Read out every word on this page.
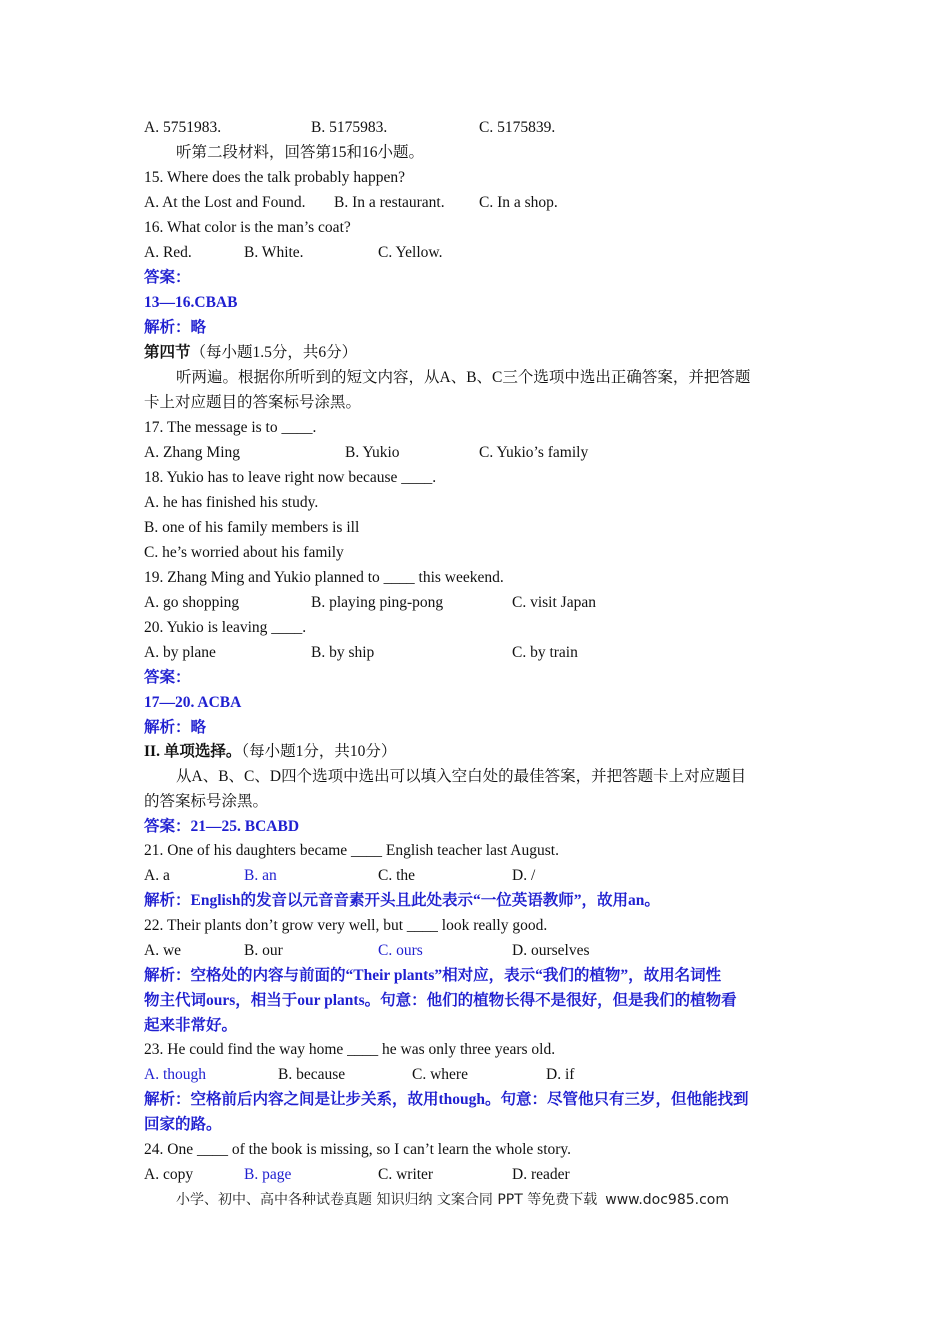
A. 5751983.	B. 5175983.	C. 5175839.
听第二段材料，回答第15和16小题。
15. Where does the talk probably happen?
A. At the Lost and Found. B. In a restaurant. C. In a shop.
16. What color is the man’s coat?
A. Red.	B. White.	C. Yellow.
答案：
13—16.CBAB
解析：略
第四节（每小题1.5分，共6分）
听两遍。根据你所听到的短文内容，从A、B、C三个选项中选出正确答案，并把答题
卡上对应题目的答案标号涂黑。
17. The message is to ____.
A. Zhang Ming	B. Yukio	C. Yukio’s family
18. Yukio has to leave right now because ____.
A. he has finished his study.
B. one of his family members is ill
C. he’s worried about his family
19. Zhang Ming and Yukio planned to ____ this weekend.
A. go shopping	B. playing ping-pong	C. visit Japan
20. Yukio is leaving ____.
A. by plane	B. by ship	C. by train
答案：
17—20. ACBA
解析：略
II. 单项选择。（每小题1分，共10分）
从A、B、C、D四个选项中选出可以填入空白处的最佳答案，并把答题卡上对应题目
的答案标号涂黑。
答案：21—25. BCABD
21. One of his daughters became ____ English teacher last August.
A. a	B. an	C. the	D. /
解析：English的发音以元音音素开头且此处表示“一位英语教师”，故用an。
22. Their plants don’t grow very well, but ____ look really good.
A. we	B. our	C. ours	D. ourselves
解析：空格处的内容与前面的“Their plants”相对应，表示“我们的植物”，故用名词性
物主代词ours，相当于our plants。句意：他们的植物长得不是很好，但是我们的植物看
起来非常好。
23. He could find the way home ____ he was only three years old.
A. though	B. because	C. where	D. if
解析：空格前后内容之间是让步关系，故用though。句意：尽管他只有三岁，但他能找到
回家的路。
24. One ____ of the book is missing, so I can’t learn the whole story.
A. copy	B. page	C. writer	D. reader
小学、初中、高中各种试卷真题 知识归纳 文案合同 PPT 等免费下载 www.doc985.com
